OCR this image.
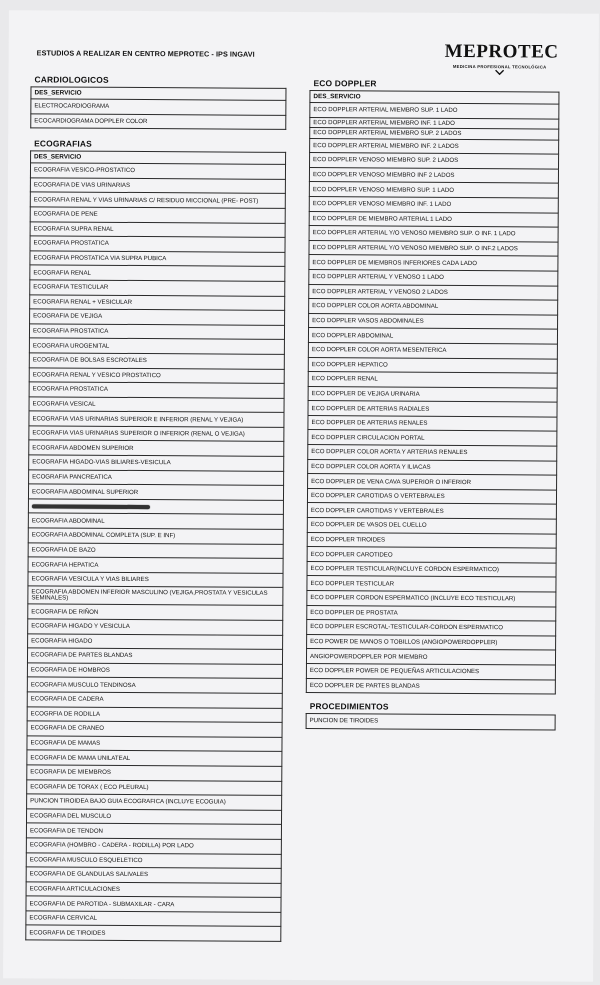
ESTUDIOS A REALIZAR EN CENTRO MEPROTEC - IPS INGAVI	MEPROTEC
MEDICINA PROFESIONAL TECNOLÓGICA
CARDIOLOGICOS
DES_SERVICIO
ELECTROCARDIOGRAMA
ECOCARDIOGRAMA DOPPLER COLOR
ECOGRAFIAS
DES_SERVICIO
ECOGRAFIA VESICO-PROSTATICO
ECOGRAFIA DE VIAS URINARIAS
ECOGRAFIA RENAL Y VIAS URINARIAS C/ RESIDUO MICCIONAL (PRE- POST)
ECOGRAFIA DE PENE
ECOGRAFIA SUPRA RENAL
ECOGRAFIA PROSTATICA
ECOGRAFIA PROSTATICA VIA SUPRA PUBICA
ECOGRAFIA RENAL
ECOGRAFIA TESTICULAR
ECOGRAFIA RENAL + VESICULAR
ECOGRAFIA DE VEJIGA
ECOGRAFIA PROSTATICA
ECOGRAFIA UROGENITAL
ECOGRAFIA DE BOLSAS ESCROTALES
ECOGRAFIA RENAL Y VESICO PROSTATICO
ECOGRAFIA PROSTATICA
ECOGRAFIA VESICAL
ECOGRAFIA VIAS URINARIAS SUPERIOR E INFERIOR (RENAL Y VEJIGA)
ECOGRAFIA VIAS URINARIAS SUPERIOR O INFERIOR (RENAL O VEJIGA)
ECOGRAFIA ABDOMEN SUPERIOR
ECOGRAFIA HIGADO-VIAS BILIARES-VESICULA
ECOGRAFIA PANCREATICA
ECOGRAFIA ABDOMINAL SUPERIOR

ECOGRAFIA ABDOMINAL
ECOGRAFIA ABDOMINAL COMPLETA (SUP. E INF)
ECOGRAFIA DE BAZO
ECOGRAFIA HEPATICA
ECOGRAFIA VESICULA Y VIAS BILIARES
ECOGRAFIA ABDOMEN INFERIOR MASCULINO (VEJIGA,PROSTATA Y VESICULAS SEMINALES)
ECOGRAFIA DE RIÑON
ECOGRAFIA HIGADO Y VESICULA
ECOGRAFIA HIGADO
ECOGRAFIA DE PARTES BLANDAS
ECOGRAFIA DE HOMBROS
ECOGRAFIA MUSCULO TENDINOSA
ECOGRAFIA DE CADERA
ECOGRFIA DE RODILLA
ECOGRAFIA DE CRANEO
ECOGRAFIA DE MAMAS
ECOGRAFIA DE MAMA UNILATEAL
ECOGRAFIA DE MIEMBROS
ECOGRAFIA DE TORAX ( ECO PLEURAL)
PUNCION TIROIDEA BAJO GUIA ECOGRAFICA (INCLUYE ECOGUIA)
ECOGRAFIA DEL MUSCULO
ECOGRAFIA DE TENDON
ECOGRAFIA (HOMBRO - CADERA - RODILLA) POR LADO
ECOGRAFIA MUSCULO ESQUELETICO
ECOGRAFIA DE GLANDULAS SALIVALES
ECOGRAFIA ARTICULACIONES
ECOGRAFIA DE PAROTIDA - SUBMAXILAR - CARA
ECOGRAFIA CERVICAL
ECOGRAFIA DE TIROIDES
ECO DOPPLER
DES_SERVICIO
ECO DOPPLER ARTERIAL MIEMBRO SUP. 1 LADO
ECO DOPPLER ARTERIAL MIEMBRO INF. 1 LADO
ECO DOPPLER ARTERIAL MIEMBRO SUP. 2 LADOS
ECO DOPPLER ARTERIAL MIEMBRO INF. 2 LADOS
ECO DOPPLER VENOSO MIEMBRO SUP. 2 LADOS
ECO DOPPLER VENOSO MIEMBRO INF 2 LADOS
ECO DOPPLER VENOSO MIEMBRO SUP. 1 LADO
ECO DOPPLER VENOSO MIEMBRO INF. 1 LADO
ECO DOPPLER DE MIEMBRO ARTERIAL 1 LADO
ECO DOPPLER ARTERIAL Y/O VENOSO MIEMBRO SUP. O INF. 1 LADO
ECO DOPPLER ARTERIAL Y/O VENOSO MIEMBRO SUP. O INF.2 LADOS
ECO DOPPLER DE MIEMBROS INFERIORES CADA LADO
ECO DOPPLER ARTERIAL Y VENOSO 1 LADO
ECO DOPPLER ARTERIAL Y VENOSO 2 LADOS
ECO DOPPLER COLOR AORTA ABDOMINAL
ECO DOPPLER VASOS ABDOMINALES
ECO DOPPLER ABDOMINAL
ECO DOPPLER COLOR AORTA MESENTERICA
ECO DOPPLER HEPATICO
ECO DOPPLER RENAL
ECO DOPPLER DE VEJIGA URINARIA
ECO DOPPLER DE ARTERIAS RADIALES
ECO DOPPLER DE ARTERIAS RENALES
ECO DOPPLER CIRCULACION PORTAL
ECO DOPPLER COLOR AORTA Y ARTERIAS RENALES
ECO DOPPLER COLOR AORTA Y ILIACAS
ECO DOPPLER DE VENA CAVA SUPERIOR O INFERIOR
ECO DOPPLER CAROTIDAS O VERTEBRALES
ECO DOPPLER CAROTIDAS Y VERTEBRALES
ECO DOPPLER DE VASOS DEL CUELLO
ECO DOPPLER TIROIDES
ECO DOPPLER CAROTIDEO
ECO DOPPLER TESTICULAR(INCLUYE CORDON ESPERMATICO)
ECO DOPPLER TESTICULAR
ECO DOPPLER CORDON ESPERMATICO (INCLUYE ECO TESTICULAR)
ECO DOPPLER DE PROSTATA
ECO DOPPLER ESCROTAL-TESTICULAR-CORDON ESPERMATICO
ECO POWER DE MANOS O TOBILLOS (ANGIOPOWERDOPPLER)
ANGIOPOWERDOPPLER POR MIEMBRO
ECO DOPPLER POWER DE PEQUEÑAS ARTICULACIONES
ECO DOPPLER DE PARTES BLANDAS
PROCEDIMIENTOS
PUNCION DE TIROIDES
